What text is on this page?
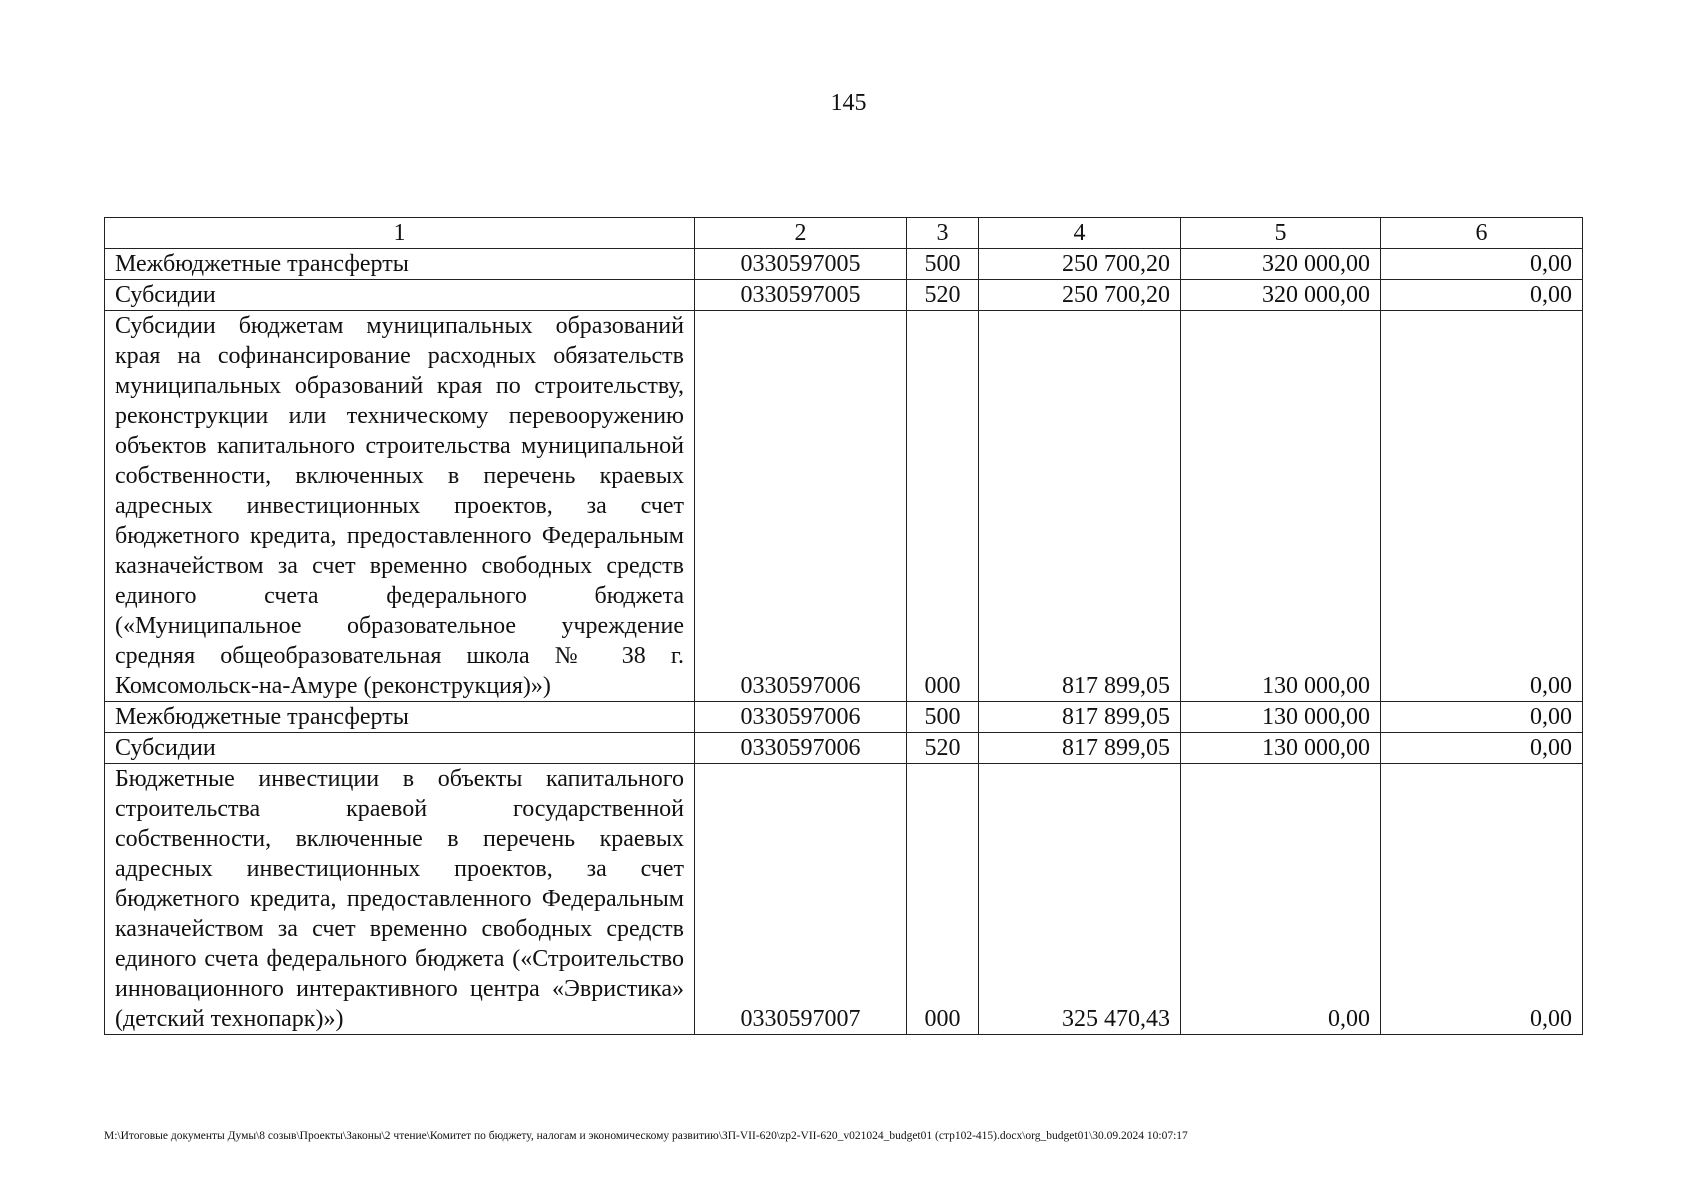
145
1	2	3	4	5	6
Межбюджетные трансферты	0330597005	500	250 700,20	320 000,00	0,00
Субсидии	0330597005	520	250 700,20	320 000,00	0,00
Субсидии бюджетам муниципальных образований края на софинансирование расходных обязательств муниципальных образований края по строительству, реконструкции или техническому перевооружению объектов капитального строительства муниципальной собственности, включенных в перечень краевых адресных инвестиционных проектов, за счет бюджетного кредита, предоставленного Федеральным казначейством за счет временно свободных средств единого счета федерального бюджета («Муниципальное образовательное учреждение средняя общеобразовательная школа № 38 г. Комсомольск-на-Амуре (реконструкция)»)	0330597006	000	817 899,05	130 000,00	0,00
Межбюджетные трансферты	0330597006	500	817 899,05	130 000,00	0,00
Субсидии	0330597006	520	817 899,05	130 000,00	0,00
Бюджетные инвестиции в объекты капитального строительства краевой государственной собственности, включенные в перечень краевых адресных инвестиционных проектов, за счет бюджетного кредита, предоставленного Федеральным казначейством за счет временно свободных средств единого счета федерального бюджета («Строительство инновационного интерактивного центра «Эвристика» (детский технопарк)»)	0330597007	000	325 470,43	0,00	0,00
M:\Итоговые документы Думы\8 созыв\Проекты\Законы\2 чтение\Комитет по бюджету, налогам и экономическому развитию\ЗП-VII-620\zp2-VII-620_v021024_budget01 (стр102-415).docx\org_budget01\30.09.2024 10:07:17
